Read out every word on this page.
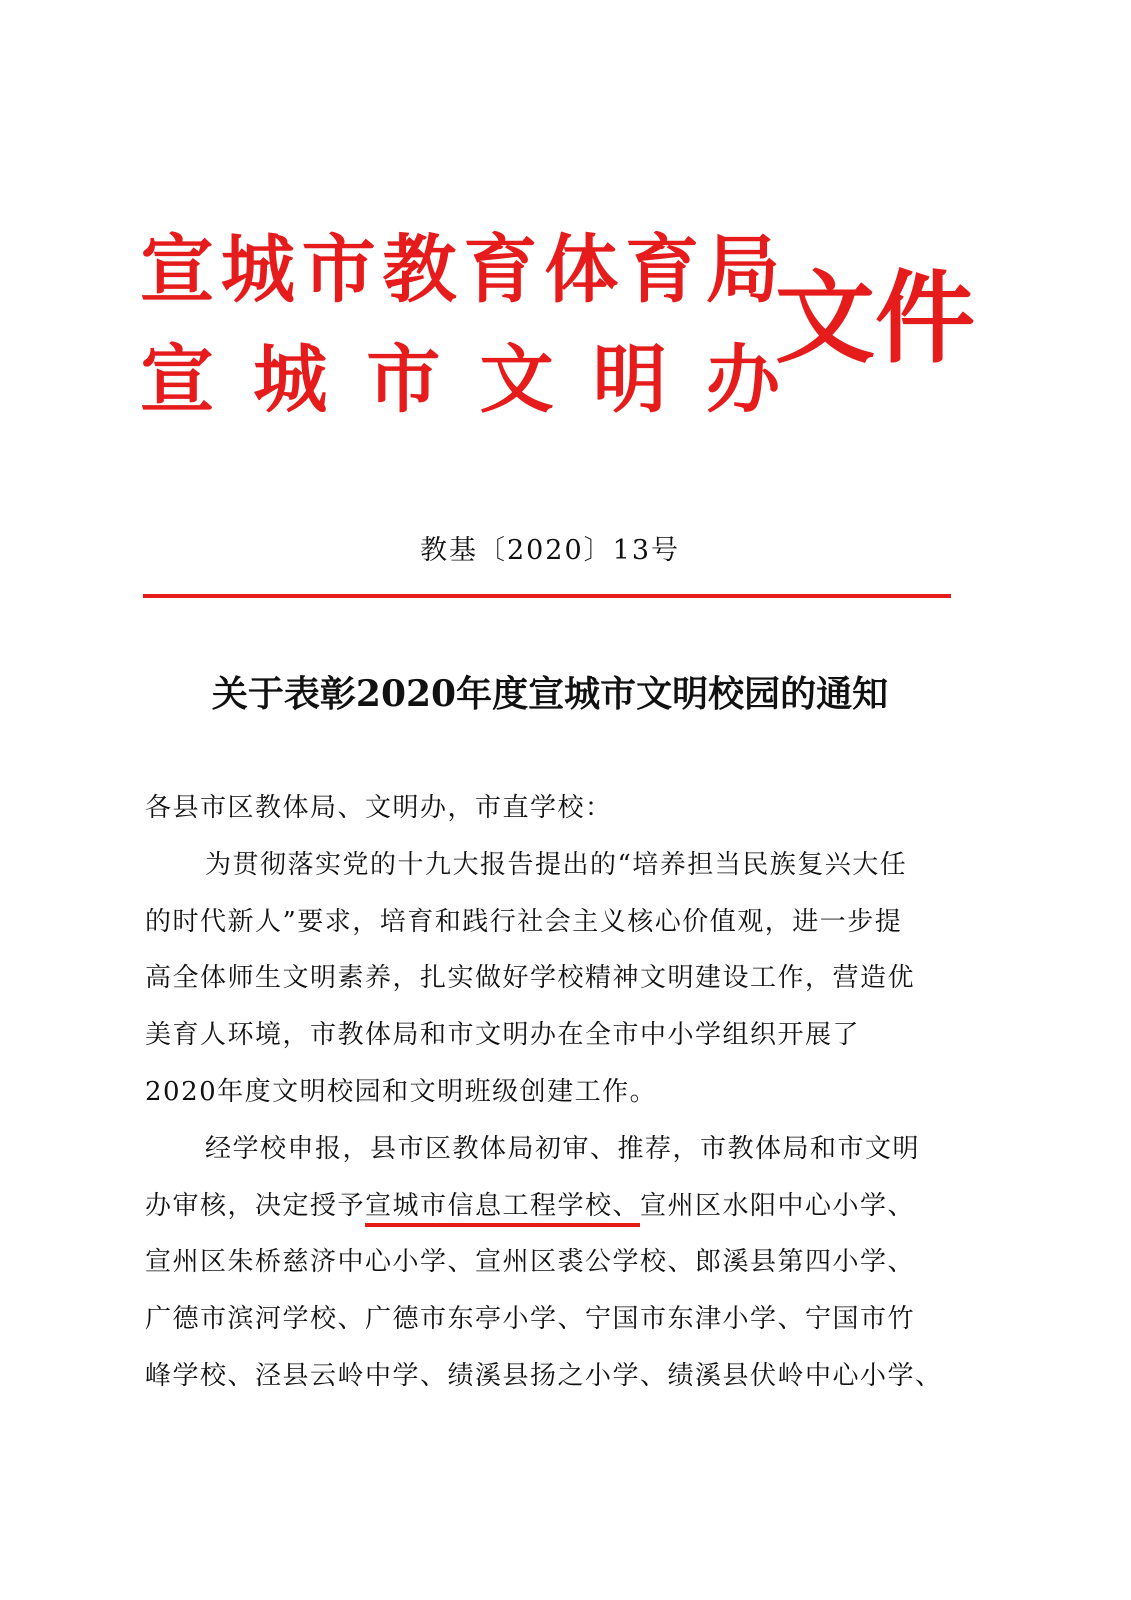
宣 城 市 教 育 体 育 局
宣 城 市 文 明 办
文件
教基〔2020〕13号
关于表彰2020年度宣城市文明校园的通知
各县市区教体局、文明办，市直学校：
为贯彻落实党的十九大报告提出的“培养担当民族复兴大任
的时代新人”要求，培育和践行社会主义核心价值观，进一步提
高全体师生文明素养，扎实做好学校精神文明建设工作，营造优
美育人环境，市教体局和市文明办在全市中小学组织开展了
2020年度文明校园和文明班级创建工作。
经学校申报，县市区教体局初审、推荐，市教体局和市文明
办审核，决定授予宣城市信息工程学校、宣州区水阳中心小学、
宣州区朱桥慈济中心小学、宣州区裘公学校、郎溪县第四小学、
广德市滨河学校、广德市东亭小学、宁国市东津小学、宁国市竹
峰学校、泾县云岭中学、绩溪县扬之小学、绩溪县伏岭中心小学、
